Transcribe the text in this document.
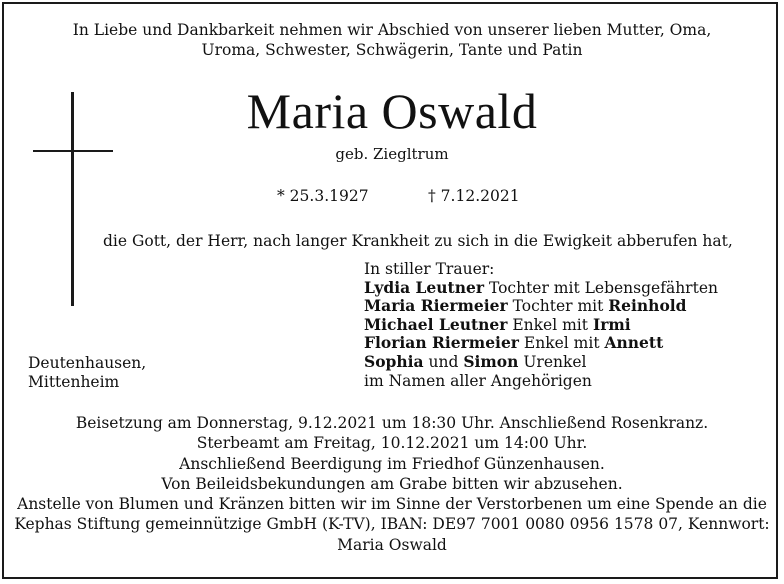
In Liebe und Dankbarkeit nehmen wir Abschied von unserer lieben Mutter, Oma,
Uroma, Schwester, Schwägerin, Tante und Patin
Maria Oswald
geb. Ziegltrum
* 25.3.1927	† 7.12.2021
die Gott, der Herr, nach langer Krankheit zu sich in die Ewigkeit abberufen hat,
In stiller Trauer:
Lydia Leutner Tochter mit Lebensgefährten
Maria Riermeier Tochter mit Reinhold
Michael Leutner Enkel mit Irmi
Florian Riermeier Enkel mit Annett
Sophia und Simon Urenkel
im Namen aller Angehörigen
Deutenhausen,
Mittenheim
Beisetzung am Donnerstag, 9.12.2021 um 18:30 Uhr. Anschließend Rosenkranz.
Sterbeamt am Freitag, 10.12.2021 um 14:00 Uhr.
Anschließend Beerdigung im Friedhof Günzenhausen.
Von Beileidsbekundungen am Grabe bitten wir abzusehen.
Anstelle von Blumen und Kränzen bitten wir im Sinne der Verstorbenen um eine Spende an die
Kephas Stiftung gemeinnützige GmbH (K-TV), IBAN: DE97 7001 0080 0956 1578 07, Kennwort:
Maria Oswald
